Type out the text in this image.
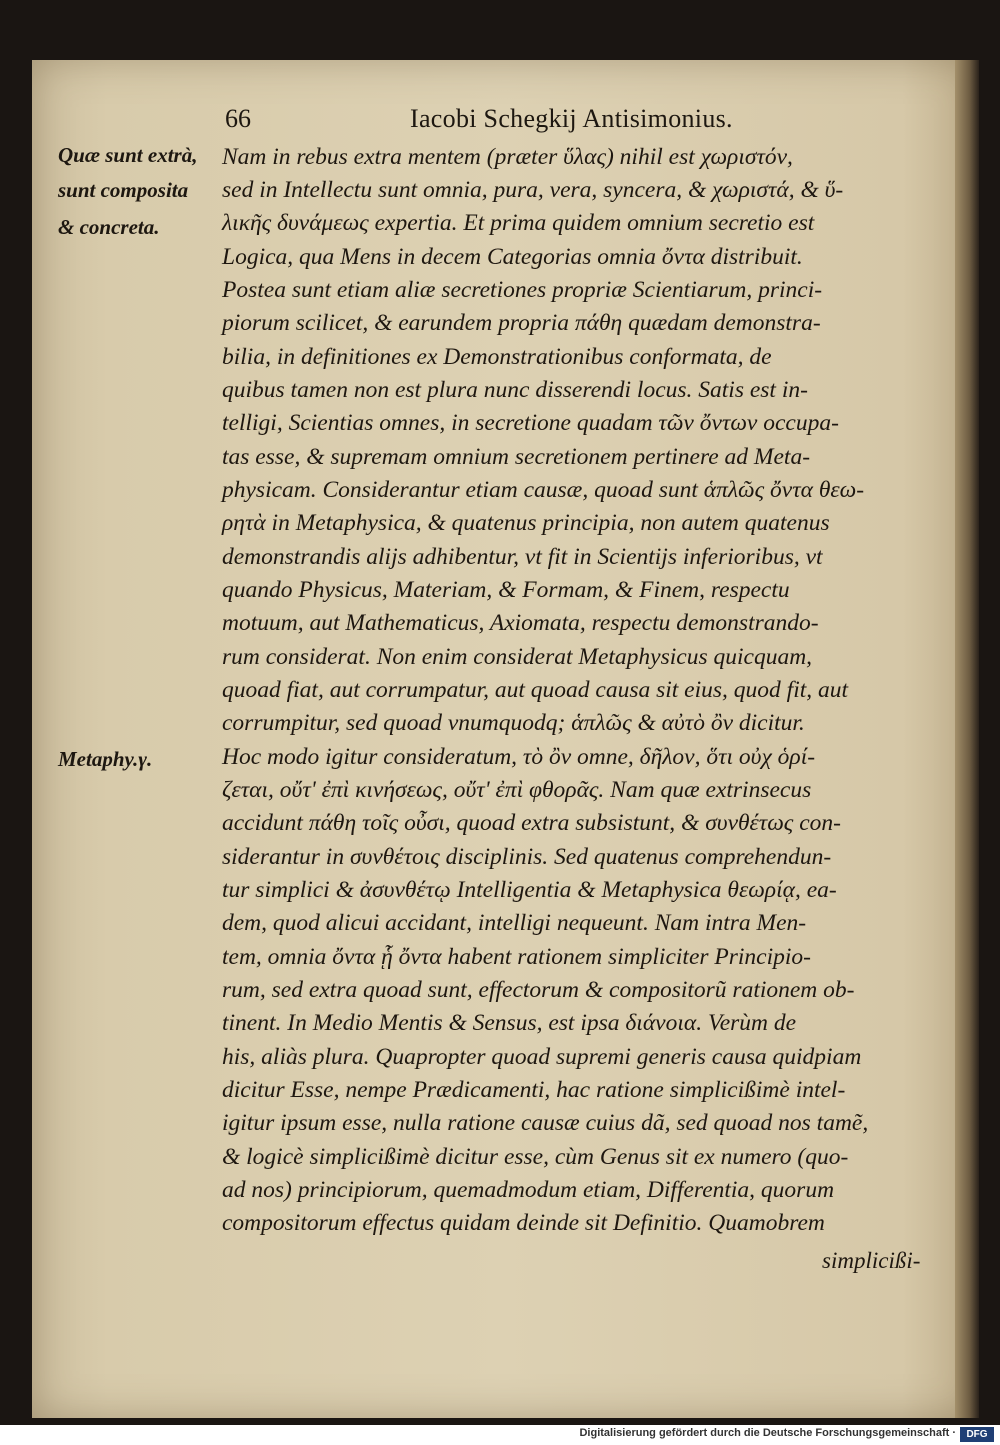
66	Iacobi Schegkij Antisimonius.
Quæ sunt extrà,
sunt composita
& concreta.
Metaphy.γ.
Nam in rebus extra mentem (præter ὕλας) nihil est χωριστόν,
sed in Intellectu sunt omnia, pura, vera, syncera, & χωριστά, & ὕ-
λικῆς δυνάμεως expertia. Et prima quidem omnium secretio est
Logica, qua Mens in decem Categorias omnia ὄντα distribuit.
Postea sunt etiam aliæ secretiones propriæ Scientiarum, princi-
piorum scilicet, & earundem propria πάθη quædam demonstra-
bilia, in definitiones ex Demonstrationibus conformata, de
quibus tamen non est plura nunc disserendi locus. Satis est in-
telligi, Scientias omnes, in secretione quadam τῶν ὄντων occupa-
tas esse, & supremam omnium secretionem pertinere ad Meta-
physicam. Considerantur etiam causæ, quoad sunt ἁπλῶς ὄντα θεω-
ρητὰ in Metaphysica, & quatenus principia, non autem quatenus
demonstrandis alijs adhibentur, vt fit in Scientijs inferioribus, vt
quando Physicus, Materiam, & Formam, & Finem, respectu
motuum, aut Mathematicus, Axiomata, respectu demonstrando-
rum considerat. Non enim considerat Metaphysicus quicquam,
quoad fiat, aut corrumpatur, aut quoad causa sit eius, quod fit, aut
corrumpitur, sed quoad vnumquodq; ἁπλῶς & αὐτὸ ὂν dicitur.
Hoc modo igitur consideratum, τὸ ὂν omne, δῆλον, ὅτι οὐχ ὁρί-
ζεται, οὔτ' ἐπὶ κινήσεως, οὔτ' ἐπὶ φθορᾶς. Nam quæ extrinsecus
accidunt πάθη τοῖς οὖσι, quoad extra subsistunt, & συνθέτως con-
siderantur in συνθέτοις disciplinis. Sed quatenus comprehendun-
tur simplici & ἀσυνθέτῳ Intelligentia & Metaphysica θεωρίᾳ, ea-
dem, quod alicui accidant, intelligi nequeunt. Nam intra Men-
tem, omnia ὄντα ᾗ ὄντα habent rationem simpliciter Principio-
rum, sed extra quoad sunt, effectorum & compositorũ rationem ob-
tinent. In Medio Mentis & Sensus, est ipsa διάνοια. Verùm de
his, aliàs plura. Quapropter quoad supremi generis causa quidpiam
dicitur Esse, nempe Prædicamenti, hac ratione simplicißimè intel-
igitur ipsum esse, nulla ratione causæ cuius dã, sed quoad nos tamẽ,
& logicè simplicißimè dicitur esse, cùm Genus sit ex numero (quo-
ad nos) principiorum, quemadmodum etiam, Differentia, quorum
compositorum effectus quidam deinde sit Definitio. Quamobrem
simplicißi-
Digitalisierung gefördert durch die Deutsche Forschungsgemeinschaft ·	DFG
